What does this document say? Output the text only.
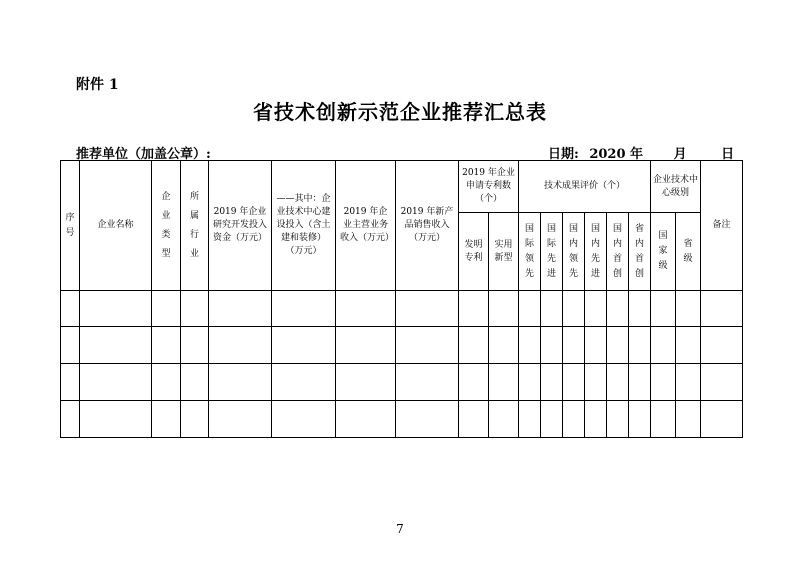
附件 1
省技术创新示范企业推荐汇总表
推荐单位（加盖公章）:	日期: 2020 年 月	日
序号	企业名称	企业类型	所属行业	2019 年企业研究开发投入资金（万元）	——其中：企业技术中心建设投入（含土建和装修）（万元）	2019 年企业主营业务收入（万元）	2019 年新产品销售收入（万元）	2019 年企业申请专利数（个）		技术成果评价（个）						企业技术中心级别		备注
								发明专利	实用新型	国际领先	国际先进	国内领先	国内先进	国内首创	省内首创	国家级	省级	

7
